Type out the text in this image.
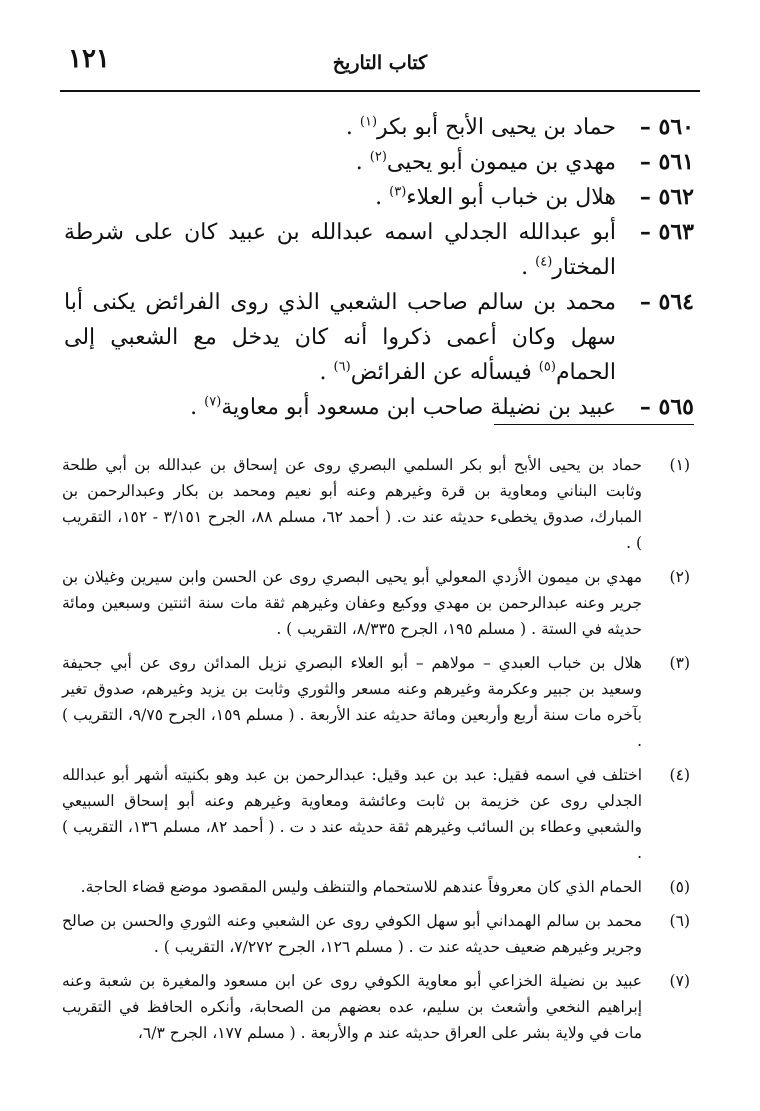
١٢١	كتاب التاريخ
٥٦٠ –
حماد بن يحيى الأبح أبو بكر$^{(١)}$ .
٥٦١ –
مهدي بن ميمون أبو يحيى$^{(٢)}$ .
٥٦٢ –
هلال بن خباب أبو العلاء$^{(٣)}$ .
٥٦٣ –
أبو عبدالله الجدلي اسمه عبدالله بن عبيد كان على شرطة المختار$^{(٤)}$ .
٥٦٤ –
محمد بن سالم صاحب الشعبي الذي روى الفرائض يكنى أبا سهل وكان أعمى ذكروا أنه كان يدخل مع الشعبي إلى الحمام$^{(٥)}$ فيسأله عن الفرائض$^{(٦)}$ .
٥٦٥ –
عبيد بن نضيلة صاحب ابن مسعود أبو معاوية$^{(٧)}$ .
(١)
حماد بن يحيى الأبح أبو بكر السلمي البصري روى عن إسحاق بن عبدالله بن أبي طلحة وثابت البناني ومعاوية بن قرة وغيرهم وعنه أبو نعيم ومحمد بن بكار وعبدالرحمن بن المبارك، صدوق يخطىء حديثه عند ت. ( أحمد ٦٢، مسلم ٨٨، الجرح ٣/١٥١ - ١٥٢، التقريب ) .
(٢)
مهدي بن ميمون الأزدي المعولي أبو يحيى البصري روى عن الحسن وابن سيرين وغيلان بن جرير وعنه عبدالرحمن بن مهدي ووكيع وعفان وغيرهم ثقة مات سنة اثنتين وسبعين ومائة حديثه في الستة . ( مسلم ١٩٥، الجرح ٨/٣٣٥، التقريب ) .
(٣)
هلال بن خباب العبدي – مولاهم – أبو العلاء البصري نزيل المدائن روى عن أبي جحيفة وسعيد بن جبير وعكرمة وغيرهم وعنه مسعر والثوري وثابت بن يزيد وغيرهم، صدوق تغير بآخره مات سنة أربع وأربعين ومائة حديثه عند الأربعة . ( مسلم ١٥٩، الجرح ٩/٧٥، التقريب ) .
(٤)
اختلف في اسمه فقيل: عبد بن عبد وقيل: عبدالرحمن بن عبد وهو بكنيته أشهر أبو عبدالله الجدلي روى عن خزيمة بن ثابت وعائشة ومعاوية وغيرهم وعنه أبو إسحاق السبيعي والشعبي وعطاء بن السائب وغيرهم ثقة حديثه عند د ت . ( أحمد ٨٢، مسلم ١٣٦، التقريب ) .
(٥)
الحمام الذي كان معروفاً عندهم للاستحمام والتنظف وليس المقصود موضع قضاء الحاجة.
(٦)
محمد بن سالم الهمداني أبو سهل الكوفي روى عن الشعبي وعنه الثوري والحسن بن صالح وجرير وغيرهم ضعيف حديثه عند ت . ( مسلم ١٢٦، الجرح ٧/٢٧٢، التقريب ) .
(٧)
عبيد بن نضيلة الخزاعي أبو معاوية الكوفي روى عن ابن مسعود والمغيرة بن شعبة وعنه إبراهيم النخعي وأشعث بن سليم، عده بعضهم من الصحابة، وأنكره الحافظ في التقريب مات في ولاية بشر على العراق حديثه عند م والأربعة . ( مسلم ١٧٧، الجرح ٦/٣،
